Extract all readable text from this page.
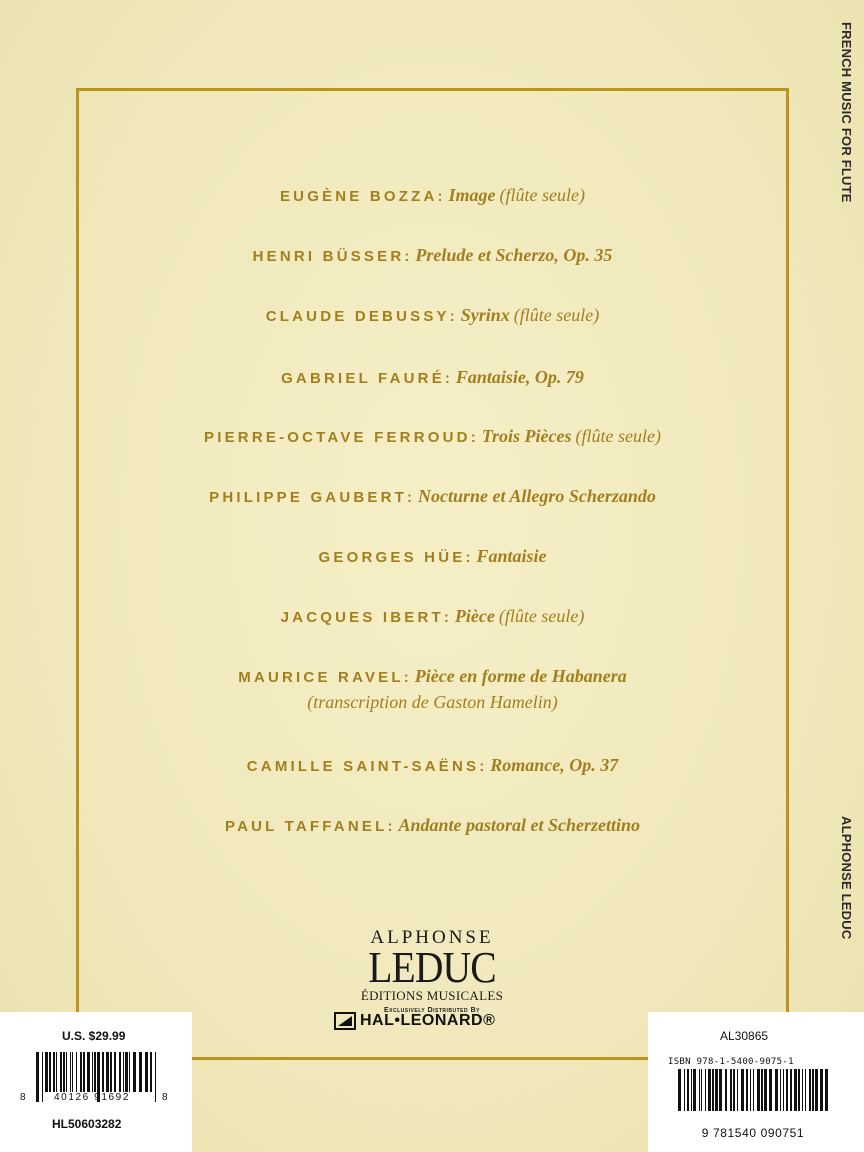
FRENCH MUSIC FOR FLUTE
ALPHONSE LEDUC
EUGÈNE BOZZA: Image (flûte seule)
HENRI BÜSSER: Prelude et Scherzo, Op. 35
CLAUDE DEBUSSY: Syrinx (flûte seule)
GABRIEL FAURÉ: Fantaisie, Op. 79
PIERRE-OCTAVE FERROUD: Trois Pièces (flûte seule)
PHILIPPE GAUBERT: Nocturne et Allegro Scherzando
GEORGES HÜE: Fantaisie
JACQUES IBERT: Pièce (flûte seule)
MAURICE RAVEL: Pièce en forme de Habanera
(transcription de Gaston Hamelin)
CAMILLE SAINT-SAËNS: Romance, Op. 37
PAUL TAFFANEL: Andante pastoral et Scherzettino
ALPHONSE
LEDUC
ÉDITIONS MUSICALES
Exclusively Distributed By
HAL•LEONARD®
U.S. $29.99
8	40126 91692	8
HL50603282
AL30865
ISBN 978-1-5400-9075-1
9 781540 090751
